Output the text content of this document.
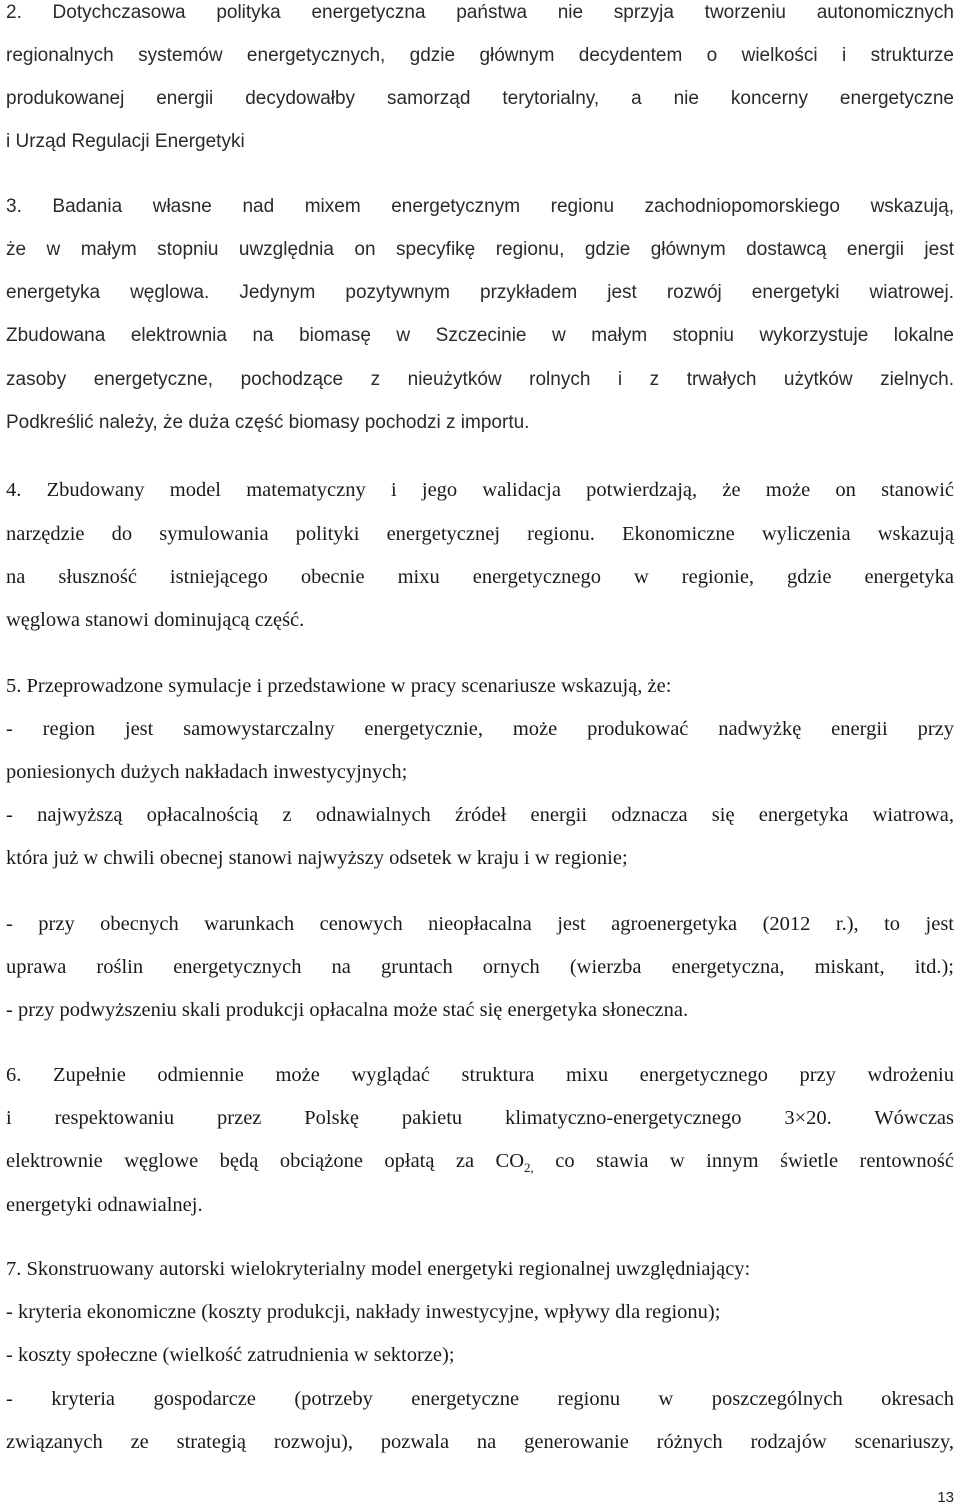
2. Dotychczasowa polityka energetyczna państwa nie sprzyja tworzeniu autonomicznych
regionalnych systemów energetycznych, gdzie głównym decydentem o wielkości i strukturze
produkowanej energii decydowałby samorząd terytorialny, a nie koncerny energetyczne
i Urząd Regulacji Energetyki
3. Badania własne nad mixem energetycznym regionu zachodniopomorskiego wskazują,
że w małym stopniu uwzględnia on specyfikę regionu, gdzie głównym dostawcą energii jest
energetyka węglowa. Jedynym pozytywnym przykładem jest rozwój energetyki wiatrowej.
Zbudowana elektrownia na biomasę w Szczecinie w małym stopniu wykorzystuje lokalne
zasoby energetyczne, pochodzące z nieużytków rolnych i z trwałych użytków zielnych.
Podkreślić należy, że duża część biomasy pochodzi z importu.
4. Zbudowany model matematyczny i jego walidacja potwierdzają, że może on stanowić
narzędzie do symulowania polityki energetycznej regionu. Ekonomiczne wyliczenia wskazują
na słuszność istniejącego obecnie mixu energetycznego w regionie, gdzie energetyka
węglowa stanowi dominującą część.
5. Przeprowadzone symulacje i przedstawione w pracy scenariusze wskazują, że:
- region jest samowystarczalny energetycznie, może produkować nadwyżkę energii przy
poniesionych dużych nakładach inwestycyjnych;
- najwyższą opłacalnością z odnawialnych źródeł energii odznacza się energetyka wiatrowa,
która już w chwili obecnej stanowi najwyższy odsetek w kraju i w regionie;
- przy obecnych warunkach cenowych nieopłacalna jest agroenergetyka (2012 r.), to jest
uprawa roślin energetycznych na gruntach ornych (wierzba energetyczna, miskant, itd.);
- przy podwyższeniu skali produkcji opłacalna może stać się energetyka słoneczna.
6. Zupełnie odmiennie może wyglądać struktura mixu energetycznego przy wdrożeniu
i respektowaniu przez Polskę pakietu klimatyczno-energetycznego 3×20. Wówczas
elektrownie węglowe będą obciążone opłatą za $CO_{2,}$ co stawia w innym świetle rentowność
energetyki odnawialnej.
7. Skonstruowany autorski wielokryterialny model energetyki regionalnej uwzględniający:
- kryteria ekonomiczne (koszty produkcji, nakłady inwestycyjne, wpływy dla regionu);
- koszty społeczne (wielkość zatrudnienia w sektorze);
- kryteria gospodarcze (potrzeby energetyczne regionu w poszczególnych okresach
związanych ze strategią rozwoju), pozwala na generowanie różnych rodzajów scenariuszy,
13
